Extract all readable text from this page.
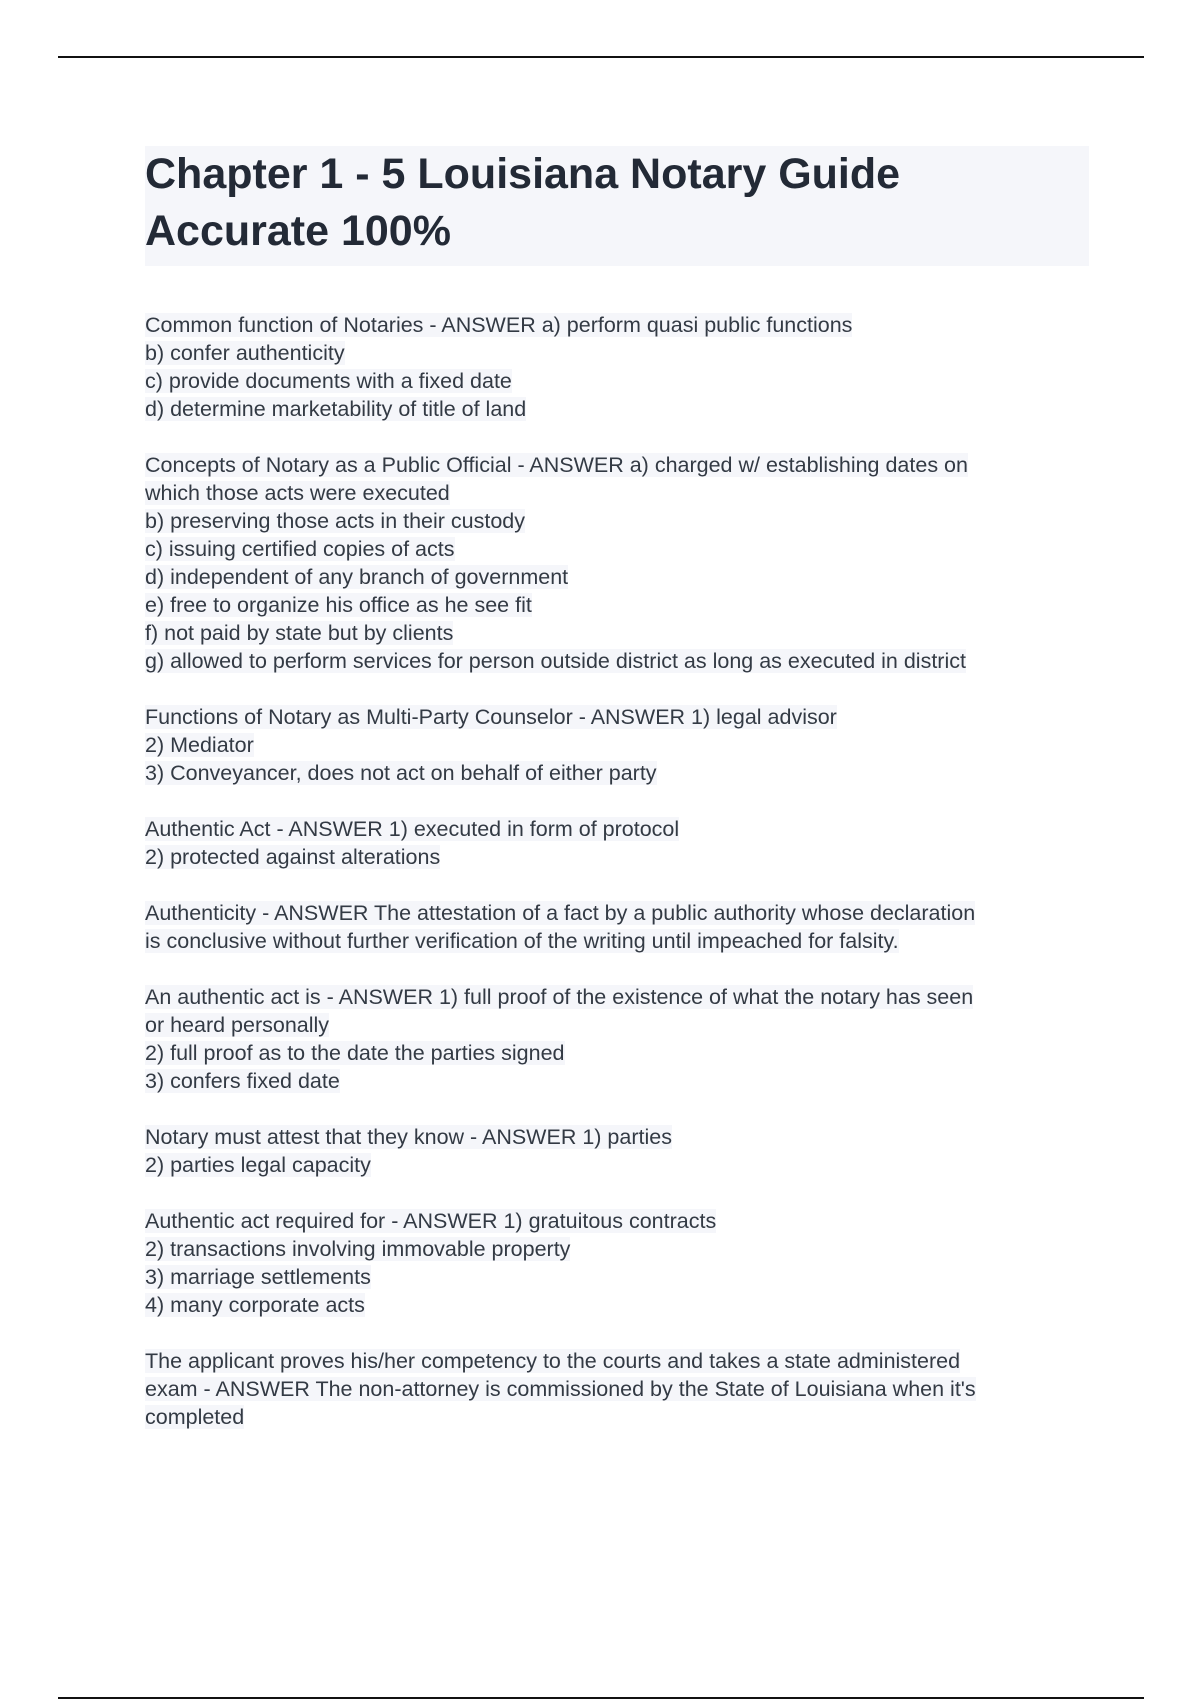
Chapter 1 - 5 Louisiana Notary Guide
Accurate 100%
Common function of Notaries - ANSWER a) perform quasi public functions
b) confer authenticity
c) provide documents with a fixed date
d) determine marketability of title of land
Concepts of Notary as a Public Official - ANSWER a) charged w/ establishing dates on
which those acts were executed
b) preserving those acts in their custody
c) issuing certified copies of acts
d) independent of any branch of government
e) free to organize his office as he see fit
f) not paid by state but by clients
g) allowed to perform services for person outside district as long as executed in district
Functions of Notary as Multi-Party Counselor - ANSWER 1) legal advisor
2) Mediator
3) Conveyancer, does not act on behalf of either party
Authentic Act - ANSWER 1) executed in form of protocol
2) protected against alterations
Authenticity - ANSWER The attestation of a fact by a public authority whose declaration
is conclusive without further verification of the writing until impeached for falsity.
An authentic act is - ANSWER 1) full proof of the existence of what the notary has seen
or heard personally
2) full proof as to the date the parties signed
3) confers fixed date
Notary must attest that they know - ANSWER 1) parties
2) parties legal capacity
Authentic act required for - ANSWER 1) gratuitous contracts
2) transactions involving immovable property
3) marriage settlements
4) many corporate acts
The applicant proves his/her competency to the courts and takes a state administered
exam - ANSWER The non-attorney is commissioned by the State of Louisiana when it's
completed
